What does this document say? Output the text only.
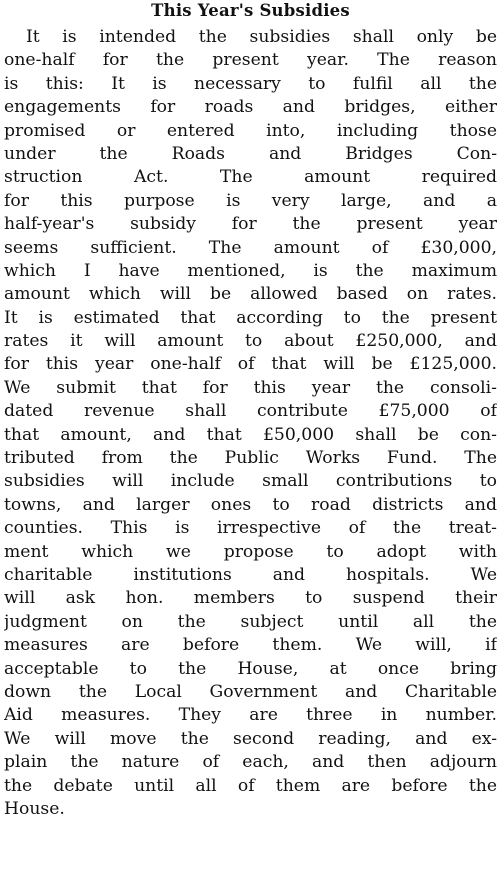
This Year's Subsidies
It is intended the subsidies shall only be
one-half for the present year. The reason
is this: It is necessary to fulfil all the
engagements for roads and bridges, either
promised or entered into, including those
under the Roads and Bridges Con-
struction Act. The amount required
for this purpose is very large, and a
half-year's subsidy for the present year
seems sufficient. The amount of £30,000,
which I have mentioned, is the maximum
amount which will be allowed based on rates.
It is estimated that according to the present
rates it will amount to about £250,000, and
for this year one-half of that will be £125,000.
We submit that for this year the consoli-
dated revenue shall contribute £75,000 of
that amount, and that £50,000 shall be con-
tributed from the Public Works Fund. The
subsidies will include small contributions to
towns, and larger ones to road districts and
counties. This is irrespective of the treat-
ment which we propose to adopt with
charitable institutions and hospitals. We
will ask hon. members to suspend their
judgment on the subject until all the
measures are before them. We will, if
acceptable to the House, at once bring
down the Local Government and Charitable
Aid measures. They are three in number.
We will move the second reading, and ex-
plain the nature of each, and then adjourn
the debate until all of them are before the
House.
